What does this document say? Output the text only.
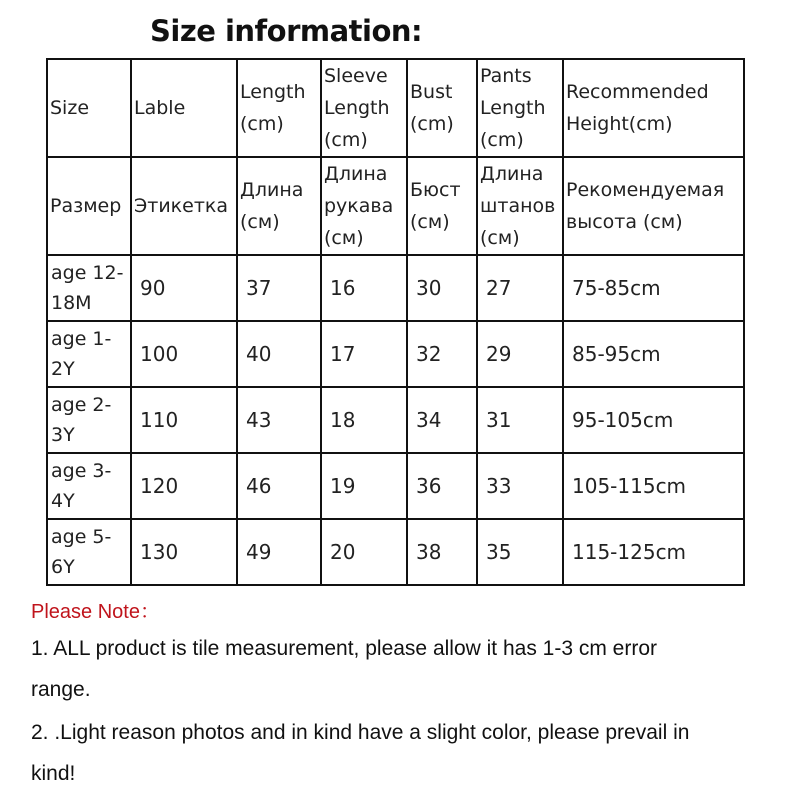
Size information:
Size	Lable	Length (cm)	Sleeve Length (cm)	Bust (cm)	Pants Length (cm)	Recommended Height(cm)
Размер	Этикетка	Длина (см)	Длина рукава (см)	Бюст (см)	Длина штанов (см)	Рекомендуемая высота (см)
age 12-18M	90	37	16	30	27	75-85cm
age 1-2Y	100	40	17	32	29	85-95cm
age 2-3Y	110	43	18	34	31	95-105cm
age 3-4Y	120	46	19	36	33	105-115cm
age 5-6Y	130	49	20	38	35	115-125cm
Please Note：
1. ALL product is tile measurement, please allow it has 1-3 cm error
range.
2. .Light reason photos and in kind have a slight color, please prevail in
kind!
